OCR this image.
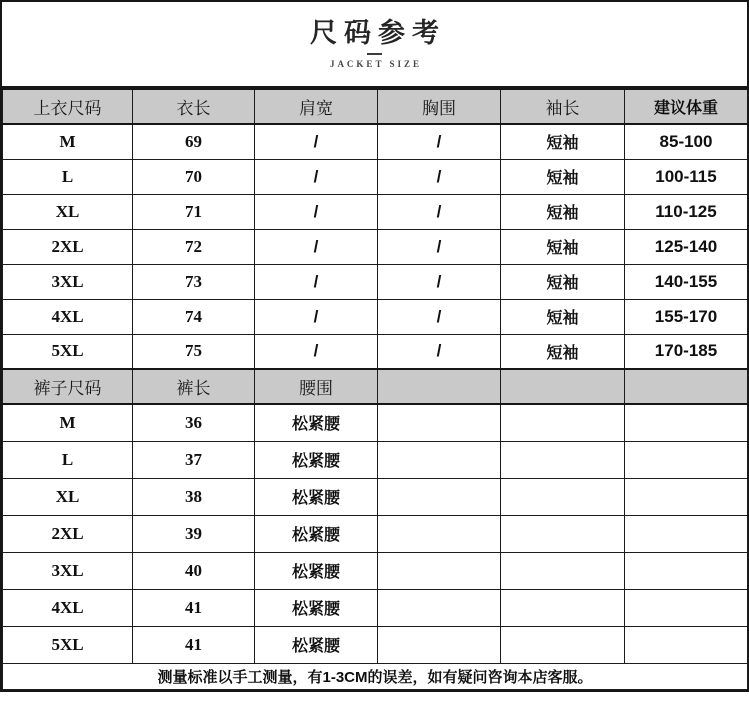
尺码参考
JACKET SIZE
上衣尺码	衣长	肩宽	胸围	袖长	建议体重
M	69	/	/	短袖	85-100
L	70	/	/	短袖	100-115
XL	71	/	/	短袖	110-125
2XL	72	/	/	短袖	125-140
3XL	73	/	/	短袖	140-155
4XL	74	/	/	短袖	155-170
5XL	75	/	/	短袖	170-185
裤子尺码	裤长	腰围			
M	36	松紧腰			
L	37	松紧腰			
XL	38	松紧腰			
2XL	39	松紧腰			
3XL	40	松紧腰			
4XL	41	松紧腰			
5XL	41	松紧腰			
测量标准以手工测量，有1-3CM的误差，如有疑问咨询本店客服。					
